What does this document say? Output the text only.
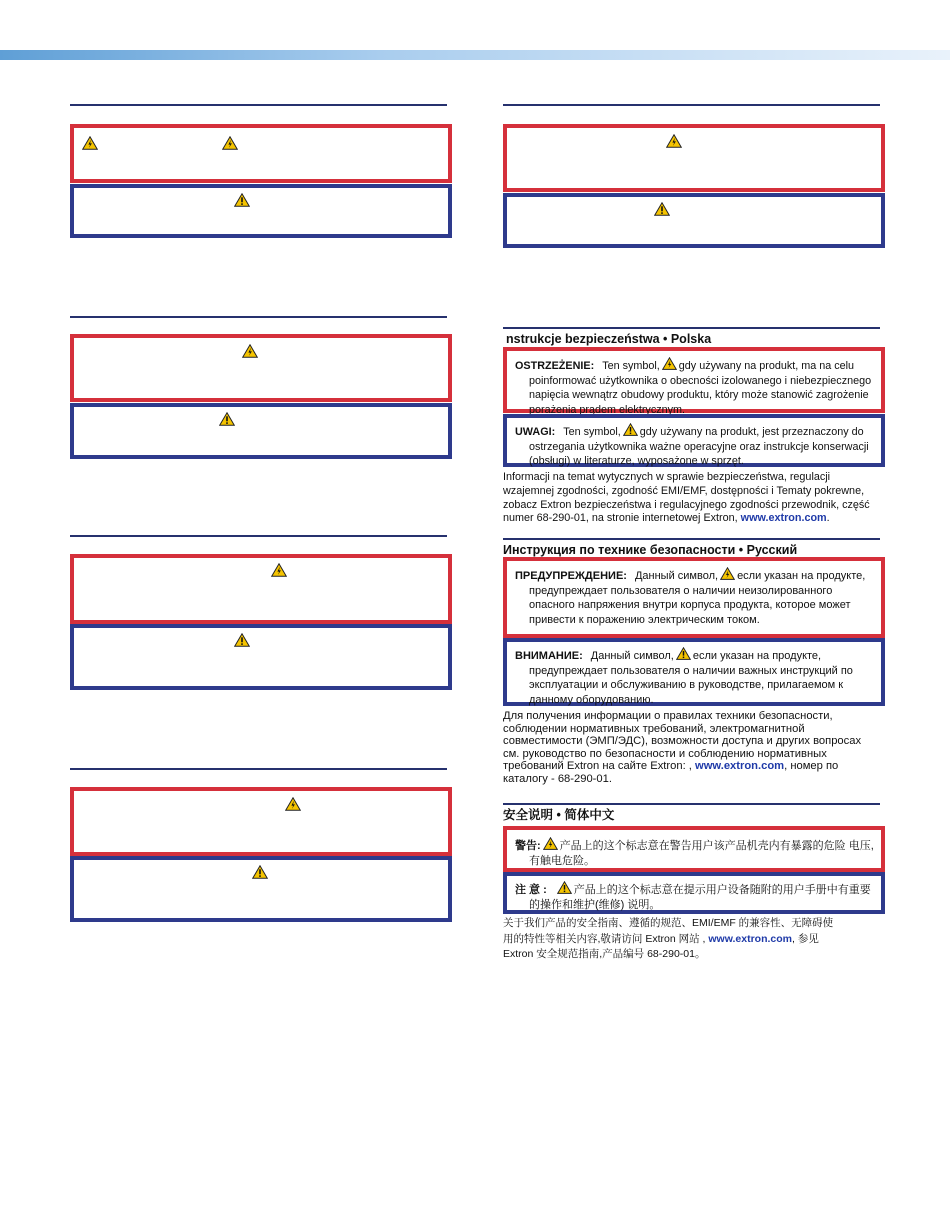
nstrukcje bezpieczeństwa • Polska
OSTRZEŻENIE: Ten symbol, gdy używany na produkt, ma na celu poinformować użytkownika o obecności izolowanego i niebezpiecznego napięcia wewnątrz obudowy produktu, który może stanowić zagrożenie porażenia prądem elektrycznym.
UWAGI: Ten symbol, gdy używany na produkt, jest przeznaczony do ostrzegania użytkownika ważne operacyjne oraz instrukcje konserwacji (obsługi) w literaturze, wyposażone w sprzęt.
Informacji na temat wytycznych w sprawie bezpieczeństwa, regulacji wzajemnej zgodności, zgodność EMI/EMF, dostępności i Tematy pokrewne, zobacz Extron bezpieczeństwa i regulacyjnego zgodności przewodnik, część numer 68-290-01, na stronie internetowej Extron, www.extron.com.
Инструкция по технике безопасности • Русский
ПРЕДУПРЕЖДЕНИЕ: Данный символ, если указан на продукте, предупреждает пользователя о наличии неизолированного опасного напряжения внутри корпуса продукта, которое может привести к поражению электрическим током.
ВНИМАНИЕ: Данный символ, если указан на продукте, предупреждает пользователя о наличии важных инструкций по эксплуатации и обслуживанию в руководстве, прилагаемом к данному оборудованию.
Для получения информации о правилах техники безопасности, соблюдении нормативных требований, электромагнитной совместимости (ЭМП/ЭДС), возможности доступа и других вопросах см. руководство по безопасности и соблюдению нормативных требований Extron на сайте Extron: , www.extron.com, номер по каталогу - 68-290-01.
安全说明 • 简体中文
警告: 产品上的这个标志意在警告用户该产品机壳内有暴露的危险 电压,有触电危险。
注 意 : 产品上的这个标志意在提示用户设备随附的用户手册中有重要的操作和维护(维修) 说明。
关于我们产品的安全指南、遵循的规范、EMI/EMF 的兼容性、无障碍使用的特性等相关内容,敬请访问 Extron 网站 , www.extron.com, 参见 Extron 安全规范指南,产品编号 68-290-01。
